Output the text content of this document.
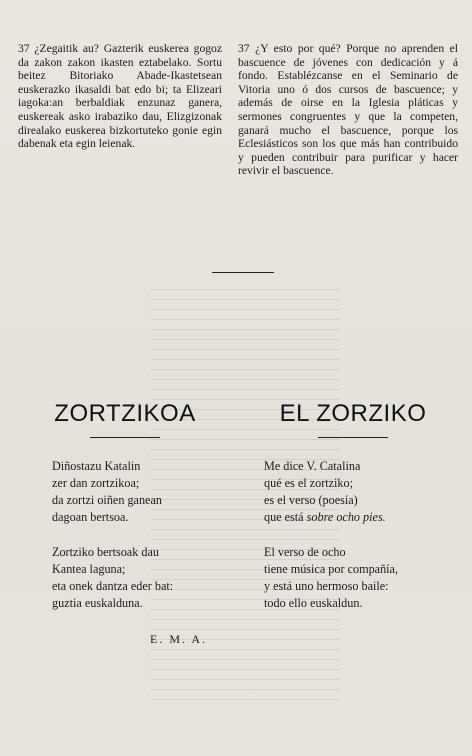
37 ¿Zegaitik au? Gazterik euskerea gogoz da zakon zakon ikasten eztabelako. Sortu beitez Bitoriako Abade-Ikastetsean euskerazko ikasaldi bat edo bi; ta Elizeari iagoka:an berbaldiak enzunaz ganera, euskereak asko irabaziko dau, Elizgizonak direalako euskerea bizkortuteko gonie egin dabenak eta egin leienak.

37 ¿Y esto por qué? Porque no aprenden el bascuence de jóvenes con dedicación y á fondo. Establézcanse en el Seminario de Vitoria uno ó dos cursos de bascuence; y además de oirse en la Iglesia pláticas y sermones congruentes y que la competen, ganará mucho el bascuence, porque los Eclesiásticos son los que más han contribuido y pueden contribuir para purificar y hacer revivir el bascuence.

ZORTZIKOA	EL ZORZIKO
Diñostazu Katalin
zer dan zortzikoa;
da zortzi oiñen ganean
dagoan bertsoa.
Zortziko bertsoak dau
Kantea laguna;
eta onek dantza eder bat:
guztia euskalduna.
Me dice V. Catalina
qué es el zortziko;
es el verso (poesía)
que está sobre ocho pies.
El verso de ocho
tiene música por compañía,
y está uno hermoso baile:
todo ello euskaldun.
E. M. A.
